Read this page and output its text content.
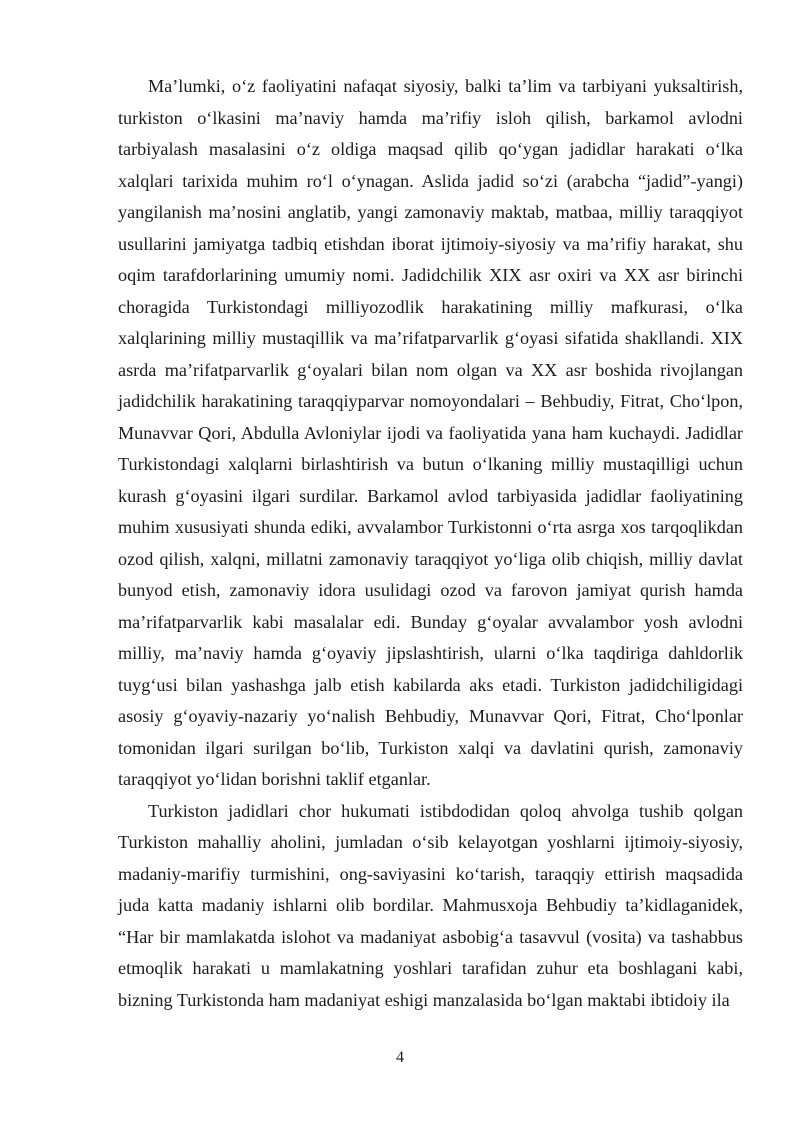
Ma’lumki, o‘z faoliyatini nafaqat siyosiy, balki ta’lim va tarbiyani yuksaltirish, turkiston o‘lkasini ma’naviy hamda ma’rifiy isloh qilish, barkamol avlodni tarbiyalash masalasini o‘z oldiga maqsad qilib qo‘ygan jadidlar harakati o‘lka xalqlari tarixida muhim ro‘l o‘ynagan. Aslida jadid so‘zi (arabcha “jadid”-yangi) yangilanish ma’nosini anglatib, yangi zamonaviy maktab, matbaa, milliy taraqqiyot usullarini jamiyatga tadbiq etishdan iborat ijtimoiy-siyosiy va ma’rifiy harakat, shu oqim tarafdorlarining umumiy nomi. Jadidchilik XIX asr oxiri va XX asr birinchi choragida Turkistondagi milliyozodlik harakatining milliy mafkurasi, o‘lka xalqlarining milliy mustaqillik va ma’rifatparvarlik g‘oyasi sifatida shakllandi. XIX asrda ma’rifatparvarlik g‘oyalari bilan nom olgan va XX asr boshida rivojlangan jadidchilik harakatining taraqqiyparvar nomoyondalari – Behbudiy, Fitrat, Cho‘lpon, Munavvar Qori, Abdulla Avloniylar ijodi va faoliyatida yana ham kuchaydi. Jadidlar Turkistondagi xalqlarni birlashtirish va butun o‘lkaning milliy mustaqilligi uchun kurash g‘oyasini ilgari surdilar. Barkamol avlod tarbiyasida jadidlar faoliyatining muhim xususiyati shunda ediki, avvalambor Turkistonni o‘rta asrga xos tarqoqlikdan ozod qilish, xalqni, millatni zamonaviy taraqqiyot yo‘liga olib chiqish, milliy davlat bunyod etish, zamonaviy idora usulidagi ozod va farovon jamiyat qurish hamda ma’rifatparvarlik kabi masalalar edi. Bunday g‘oyalar avvalambor yosh avlodni milliy, ma’naviy hamda g‘oyaviy jipslashtirish, ularni o‘lka taqdiriga dahldorlik tuyg‘usi bilan yashashga jalb etish kabilarda aks etadi. Turkiston jadidchiligidagi asosiy g‘oyaviy-nazariy yo‘nalish Behbudiy, Munavvar Qori, Fitrat, Cho‘lponlar tomonidan ilgari surilgan bo‘lib, Turkiston xalqi va davlatini qurish, zamonaviy taraqqiyot yo‘lidan borishni taklif etganlar.

Turkiston jadidlari chor hukumati istibdodidan qoloq ahvolga tushib qolgan Turkiston mahalliy aholini, jumladan o‘sib kelayotgan yoshlarni ijtimoiy-siyosiy, madaniy-marifiy turmishini, ong-saviyasini ko‘tarish, taraqqiy ettirish maqsadida juda katta madaniy ishlarni olib bordilar. Mahmusxoja Behbudiy ta’kidlaganidek, “Har bir mamlakatda islohot va madaniyat asbobig‘a tasavvul (vosita) va tashabbus etmoqlik harakati u mamlakatning yoshlari tarafidan zuhur eta boshlagani kabi, bizning Turkistonda ham madaniyat eshigi manzalasida bo‘lgan maktabi ibtidoiy ila

4
